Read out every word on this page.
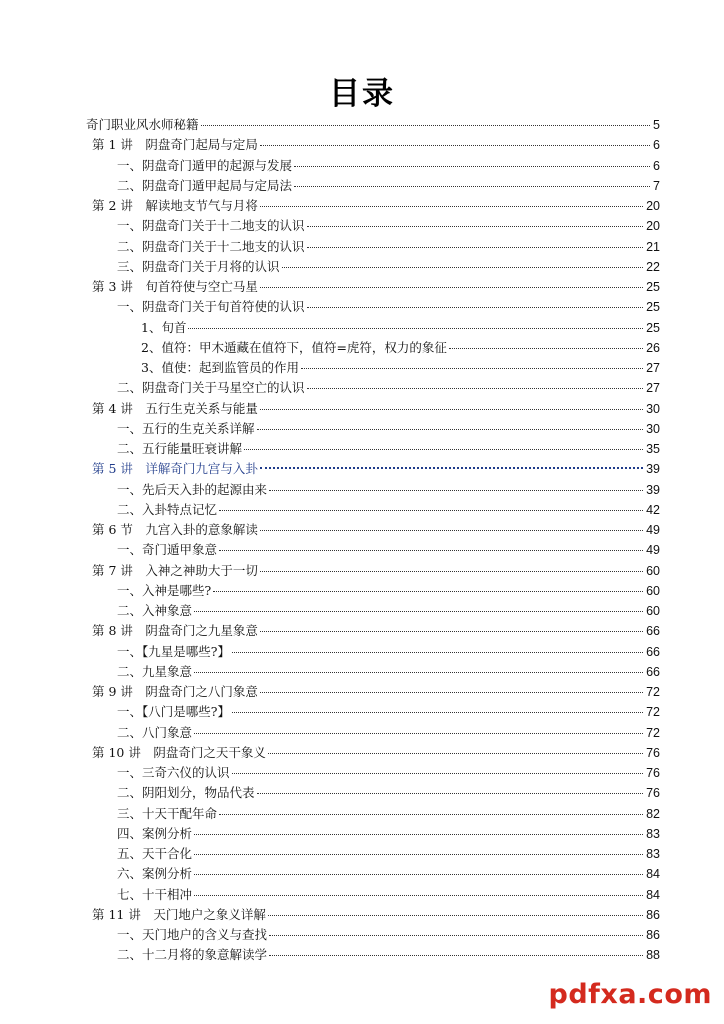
目录
奇门职业风水师秘籍	5
第 1 讲　阴盘奇门起局与定局	6
一、阴盘奇门遁甲的起源与发展	6
二、阴盘奇门遁甲起局与定局法	7
第 2 讲　解读地支节气与月将	20
一、阴盘奇门关于十二地支的认识	20
二、阴盘奇门关于十二地支的认识	21
三、阴盘奇门关于月将的认识	22
第 3 讲　旬首符使与空亡马星	25
一、阴盘奇门关于旬首符使的认识	25
1、旬首	25
2、值符：甲木遁藏在值符下，值符=虎符，权力的象征	26
3、值使：起到监管员的作用	27
二、阴盘奇门关于马星空亡的认识	27
第 4 讲　五行生克关系与能量	30
一、五行的生克关系详解	30
二、五行能量旺衰讲解	35
第 5 讲　详解奇门九宫与入卦	39
一、先后天入卦的起源由来	39
二、入卦特点记忆	42
第 6 节　九宫入卦的意象解读	49
一、奇门遁甲象意	49
第 7 讲　入神之神助大于一切	60
一、入神是哪些?	60
二、入神象意	60
第 8 讲　阴盘奇门之九星象意	66
一、【九星是哪些?】	66
二、九星象意	66
第 9 讲　阴盘奇门之八门象意	72
一、【八门是哪些?】	72
二、八门象意	72
第 10 讲　阴盘奇门之天干象义	76
一、三奇六仪的认识	76
二、阴阳划分，物品代表	76
三、十天干配年命	82
四、案例分析	83
五、天干合化	83
六、案例分析	84
七、十干相冲	84
第 11 讲　天门地户之象义详解	86
一、天门地户的含义与查找	86
二、十二月将的象意解读学	88
pdfxa.com
